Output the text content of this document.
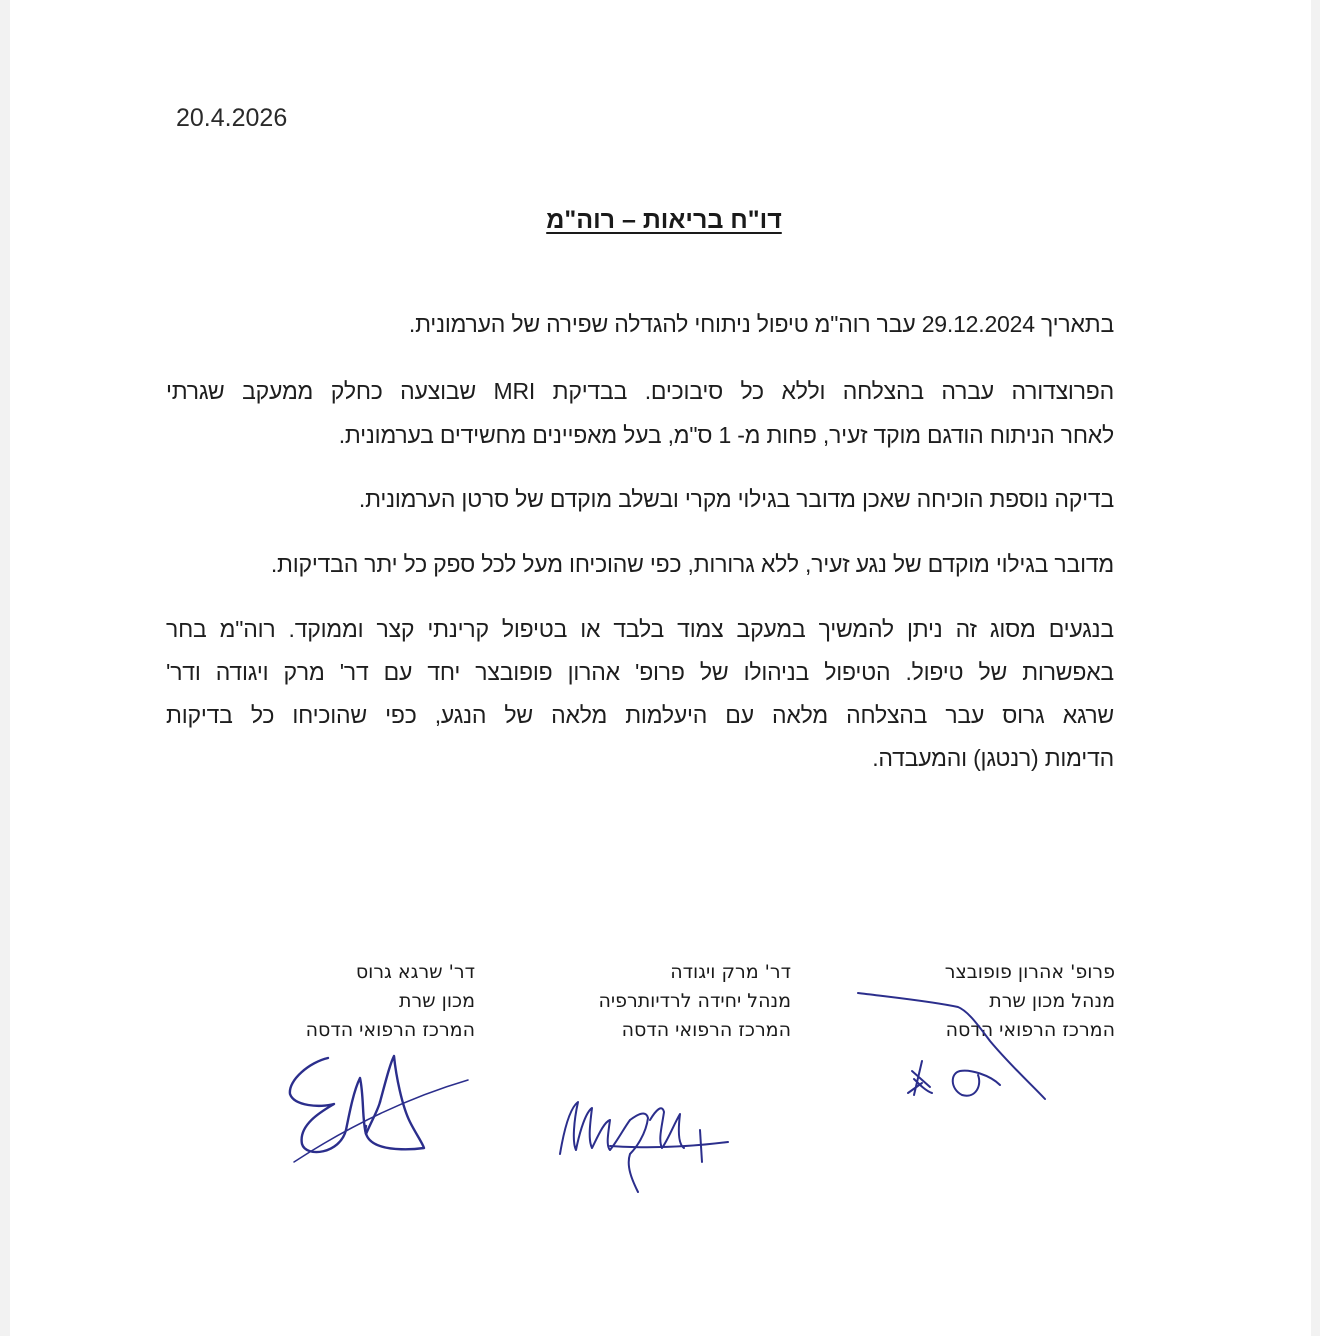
20.4.2026
דו"ח בריאות – רוה"מ
בתאריך 29.12.2024 עבר רוה"מ טיפול ניתוחי להגדלה שפירה של הערמונית.
הפרוצדורה עברה בהצלחה וללא כל סיבוכים. בבדיקת MRI שבוצעה כחלק ממעקב שגרתי
לאחר הניתוח הודגם מוקד זעיר, פחות מ- 1 ס"מ, בעל מאפיינים מחשידים בערמונית.
בדיקה נוספת הוכיחה שאכן מדובר בגילוי מקרי ובשלב מוקדם של סרטן הערמונית.
מדובר בגילוי מוקדם של נגע זעיר, ללא גרורות, כפי שהוכיחו מעל לכל ספק כל יתר הבדיקות.
בנגעים מסוג זה ניתן להמשיך במעקב צמוד בלבד או בטיפול קרינתי קצר וממוקד. רוה"מ בחר
באפשרות של טיפול. הטיפול בניהולו של פרופ' אהרון פופובצר יחד עם דר' מרק ויגודה ודר'
שרגא גרוס עבר בהצלחה מלאה עם היעלמות מלאה של הנגע, כפי שהוכיחו כל בדיקות
הדימות (רנטגן) והמעבדה.
פרופ' אהרון פופובצר
מנהל מכון שרת
המרכז הרפואי הדסה
דר' מרק ויגודה
מנהל יחידה לרדיותרפיה
המרכז הרפואי הדסה
דר' שרגא גרוס
מכון שרת
המרכז הרפואי הדסה
